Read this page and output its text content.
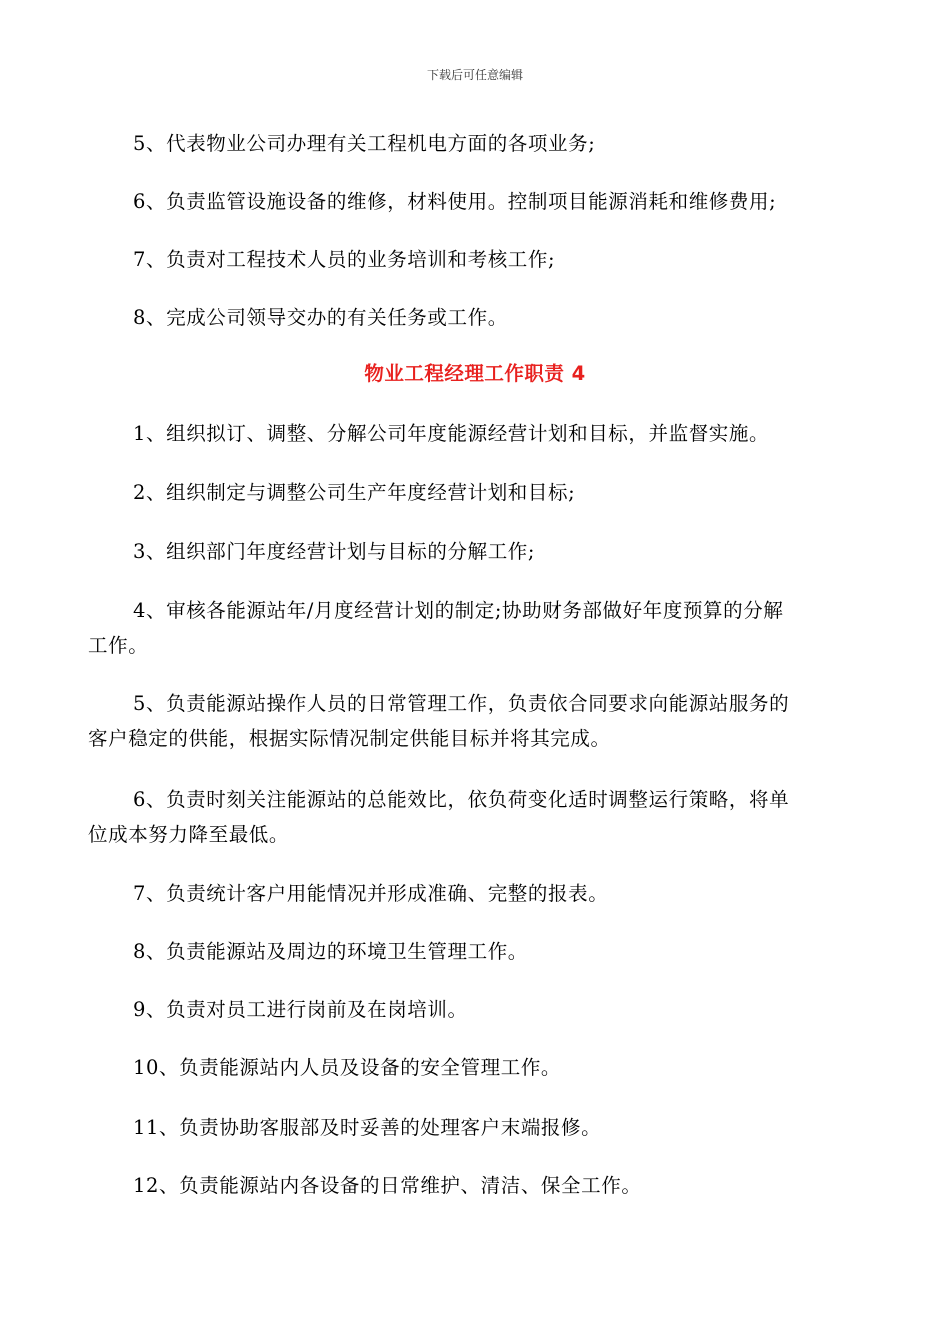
下载后可任意编辑
5、代表物业公司办理有关工程机电方面的各项业务;
6、负责监管设施设备的维修，材料使用。控制项目能源消耗和维修费用;
7、负责对工程技术人员的业务培训和考核工作;
8、完成公司领导交办的有关任务或工作。
物业工程经理工作职责 4
1、组织拟订、调整、分解公司年度能源经营计划和目标，并监督实施。
2、组织制定与调整公司生产年度经营计划和目标;
3、组织部门年度经营计划与目标的分解工作;
4、审核各能源站年/月度经营计划的制定;协助财务部做好年度预算的分解
工作。
5、负责能源站操作人员的日常管理工作，负责依合同要求向能源站服务的
客户稳定的供能，根据实际情况制定供能目标并将其完成。
6、负责时刻关注能源站的总能效比，依负荷变化适时调整运行策略，将单
位成本努力降至最低。
7、负责统计客户用能情况并形成准确、完整的报表。
8、负责能源站及周边的环境卫生管理工作。
9、负责对员工进行岗前及在岗培训。
10、负责能源站内人员及设备的安全管理工作。
11、负责协助客服部及时妥善的处理客户末端报修。
12、负责能源站内各设备的日常维护、清洁、保全工作。
